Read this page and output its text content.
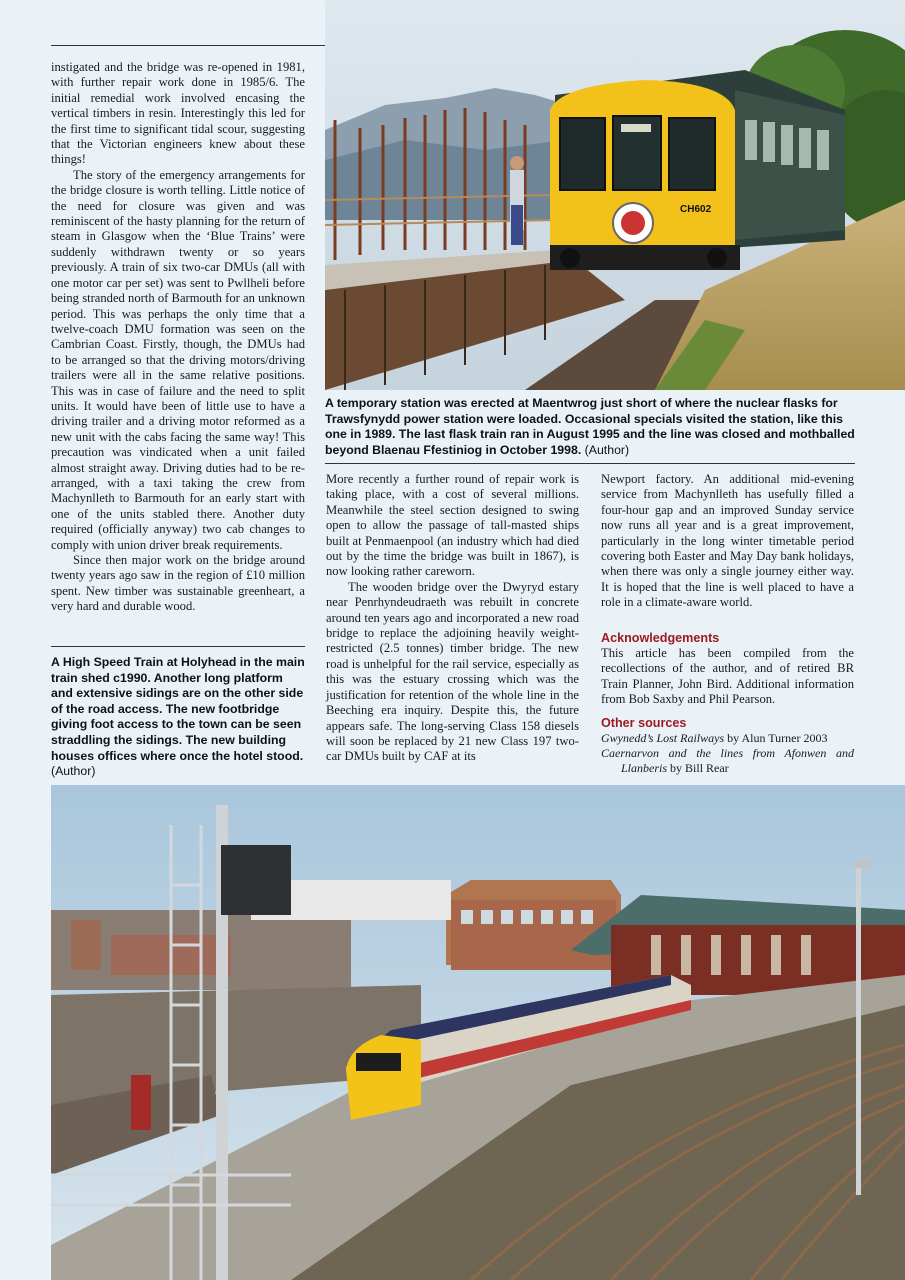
CH602

instigated and the bridge was re-opened in 1981, with further repair work done in 1985/6. The initial remedial work involved encasing the vertical timbers in resin. Interestingly this led for the first time to significant tidal scour, suggesting that the Victorian engineers knew about these things!

The story of the emergency arrangements for the bridge closure is worth telling. Little notice of the need for closure was given and was reminiscent of the hasty planning for the return of steam in Glasgow when the ‘Blue Trains’ were suddenly withdrawn twenty or so years previously. A train of six two-car DMUs (all with one motor car per set) was sent to Pwllheli before being stranded north of Barmouth for an unknown period. This was perhaps the only time that a twelve-coach DMU formation was seen on the Cambrian Coast. Firstly, though, the DMUs had to be arranged so that the driving motors/driving trailers were all in the same relative positions. This was in case of failure and the need to split units. It would have been of little use to have a driving trailer and a driving motor reformed as a new unit with the cabs facing the same way! This precaution was vindicated when a unit failed almost straight away. Driving duties had to be re-arranged, with a taxi taking the crew from Machynlleth to Barmouth for an early start with one of the units stabled there. Another duty required (officially anyway) two cab changes to comply with union driver break requirements.

Since then major work on the bridge around twenty years ago saw in the region of £10 million spent. New timber was sustainable greenheart, a very hard and durable wood.

A High Speed Train at Holyhead in the main train shed c1990. Another long platform and extensive sidings are on the other side of the road access. The new footbridge giving foot access to the town can be seen straddling the sidings. The new building houses offices where once the hotel stood. (Author)
A temporary station was erected at Maentwrog just short of where the nuclear flasks for Trawsfynydd power station were loaded. Occasional specials visited the station, like this one in 1989. The last flask train ran in August 1995 and the line was closed and mothballed beyond Blaenau Ffestiniog in October 1998. (Author)

More recently a further round of repair work is taking place, with a cost of several millions. Meanwhile the steel section designed to swing open to allow the passage of tall-masted ships built at Penmaenpool (an industry which had died out by the time the bridge was built in 1867), is now looking rather careworn.

The wooden bridge over the Dwyryd estary near Penrhyndeudraeth was rebuilt in concrete around ten years ago and incorporated a new road bridge to replace the adjoining heavily weight-restricted (2.5 tonnes) timber bridge. The new road is unhelpful for the rail service, especially as this was the estuary crossing which was the justification for retention of the whole line in the Beeching era inquiry. Despite this, the future appears safe. The long-serving Class 158 diesels will soon be replaced by 21 new Class 197 two-car DMUs built by CAF at its

Newport factory. An additional mid-evening service from Machynlleth has usefully filled a four-hour gap and an improved Sunday service now runs all year and is a great improvement, particularly in the long winter timetable period covering both Easter and May Day bank holidays, when there was only a single journey either way. It is hoped that the line is well placed to have a role in a climate-aware world.

Acknowledgements

This article has been compiled from the recollections of the author, and of retired BR Train Planner, John Bird. Additional information from Bob Saxby and Phil Pearson.

Other sources

Gwynedd’s Lost Railways by Alun Turner 2003

Caernarvon and the lines from Afonwen and Llanberis by Bill Rear
